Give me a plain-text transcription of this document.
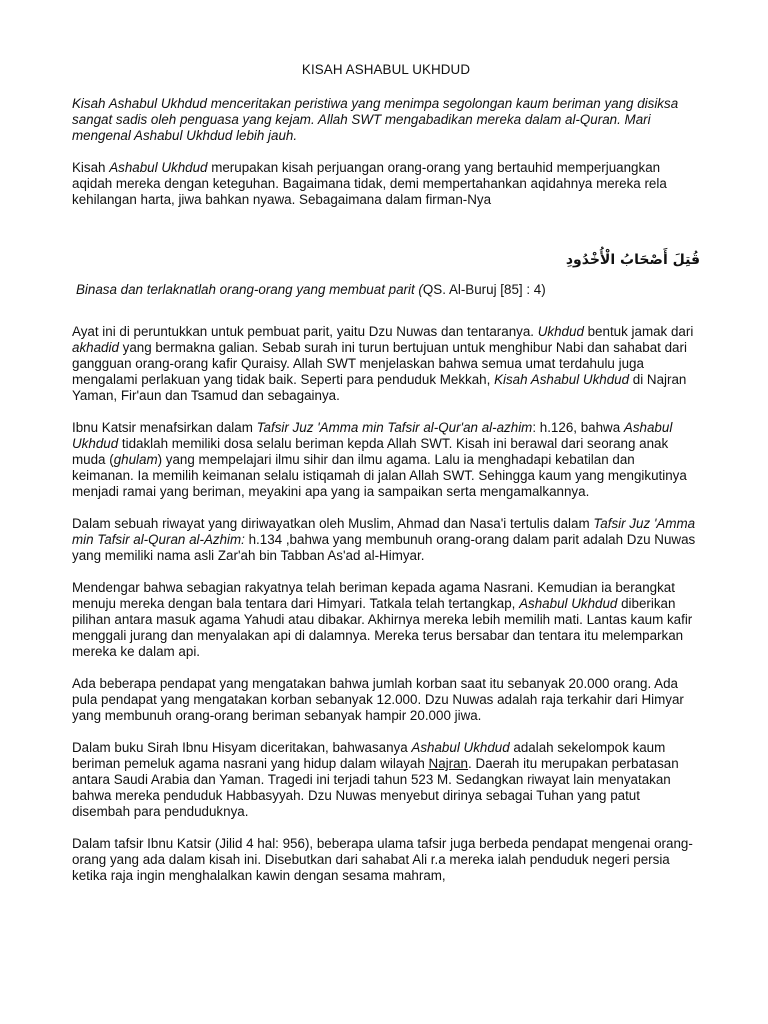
KISAH ASHABUL UKHDUD

Kisah Ashabul Ukhdud menceritakan peristiwa yang menimpa segolongan kaum beriman yang disiksa sangat sadis oleh penguasa yang kejam. Allah SWT mengabadikan mereka dalam al-Quran. Mari mengenal Ashabul Ukhdud lebih jauh.

Kisah Ashabul Ukhdud merupakan kisah perjuangan orang-orang yang bertauhid memperjuangkan aqidah mereka dengan keteguhan. Bagaimana tidak, demi mempertahankan aqidahnya mereka rela kehilangan harta, jiwa bahkan nyawa. Sebagaimana dalam firman-Nya

قُتِلَ أَصْحَابُ الْأُخْدُودِ

Binasa dan terlaknatlah orang-orang yang membuat parit (QS. Al-Buruj [85] : 4)

Ayat ini di peruntukkan untuk pembuat parit, yaitu Dzu Nuwas dan tentaranya. Ukhdud bentuk jamak dari akhadid yang bermakna galian. Sebab surah ini turun bertujuan untuk menghibur Nabi dan sahabat dari gangguan orang-orang kafir Quraisy. Allah SWT menjelaskan bahwa semua umat terdahulu juga mengalami perlakuan yang tidak baik. Seperti para penduduk Mekkah, Kisah Ashabul Ukhdud di Najran Yaman, Fir'aun dan Tsamud dan sebagainya.

Ibnu Katsir menafsirkan dalam Tafsir Juz 'Amma min Tafsir al-Qur'an al-azhim: h.126, bahwa Ashabul Ukhdud tidaklah memiliki dosa selalu beriman kepda Allah SWT. Kisah ini berawal dari seorang anak muda (ghulam) yang mempelajari ilmu sihir dan ilmu agama. Lalu ia menghadapi kebatilan dan keimanan. Ia memilih keimanan selalu istiqamah di jalan Allah SWT. Sehingga kaum yang mengikutinya menjadi ramai yang beriman, meyakini apa yang ia sampaikan serta mengamalkannya.

Dalam sebuah riwayat yang diriwayatkan oleh Muslim, Ahmad dan Nasa'i tertulis dalam Tafsir Juz 'Amma min Tafsir al-Quran al-Azhim: h.134 ,bahwa yang membunuh orang-orang dalam parit adalah Dzu Nuwas yang memiliki nama asli Zar'ah bin Tabban As'ad al-Himyar.

Mendengar bahwa sebagian rakyatnya telah beriman kepada agama Nasrani. Kemudian ia berangkat menuju mereka dengan bala tentara dari Himyari. Tatkala telah tertangkap, Ashabul Ukhdud diberikan pilihan antara masuk agama Yahudi atau dibakar. Akhirnya mereka lebih memilih mati. Lantas kaum kafir menggali jurang dan menyalakan api di dalamnya. Mereka terus bersabar dan tentara itu melemparkan mereka ke dalam api.

Ada beberapa pendapat yang mengatakan bahwa jumlah korban saat itu sebanyak 20.000 orang. Ada pula pendapat yang mengatakan korban sebanyak 12.000. Dzu Nuwas adalah raja terkahir dari Himyar yang membunuh orang-orang beriman sebanyak hampir 20.000 jiwa.

Dalam buku Sirah Ibnu Hisyam diceritakan, bahwasanya Ashabul Ukhdud adalah sekelompok kaum beriman pemeluk agama nasrani yang hidup dalam wilayah Najran. Daerah itu merupakan perbatasan antara Saudi Arabia dan Yaman. Tragedi ini terjadi tahun 523 M. Sedangkan riwayat lain menyatakan bahwa mereka penduduk Habbasyyah. Dzu Nuwas menyebut dirinya sebagai Tuhan yang patut disembah para penduduknya.

Dalam tafsir Ibnu Katsir (Jilid 4 hal: 956), beberapa ulama tafsir juga berbeda pendapat mengenai orang-orang yang ada dalam kisah ini. Disebutkan dari sahabat Ali r.a mereka ialah penduduk negeri persia ketika raja ingin menghalalkan kawin dengan sesama mahram,
